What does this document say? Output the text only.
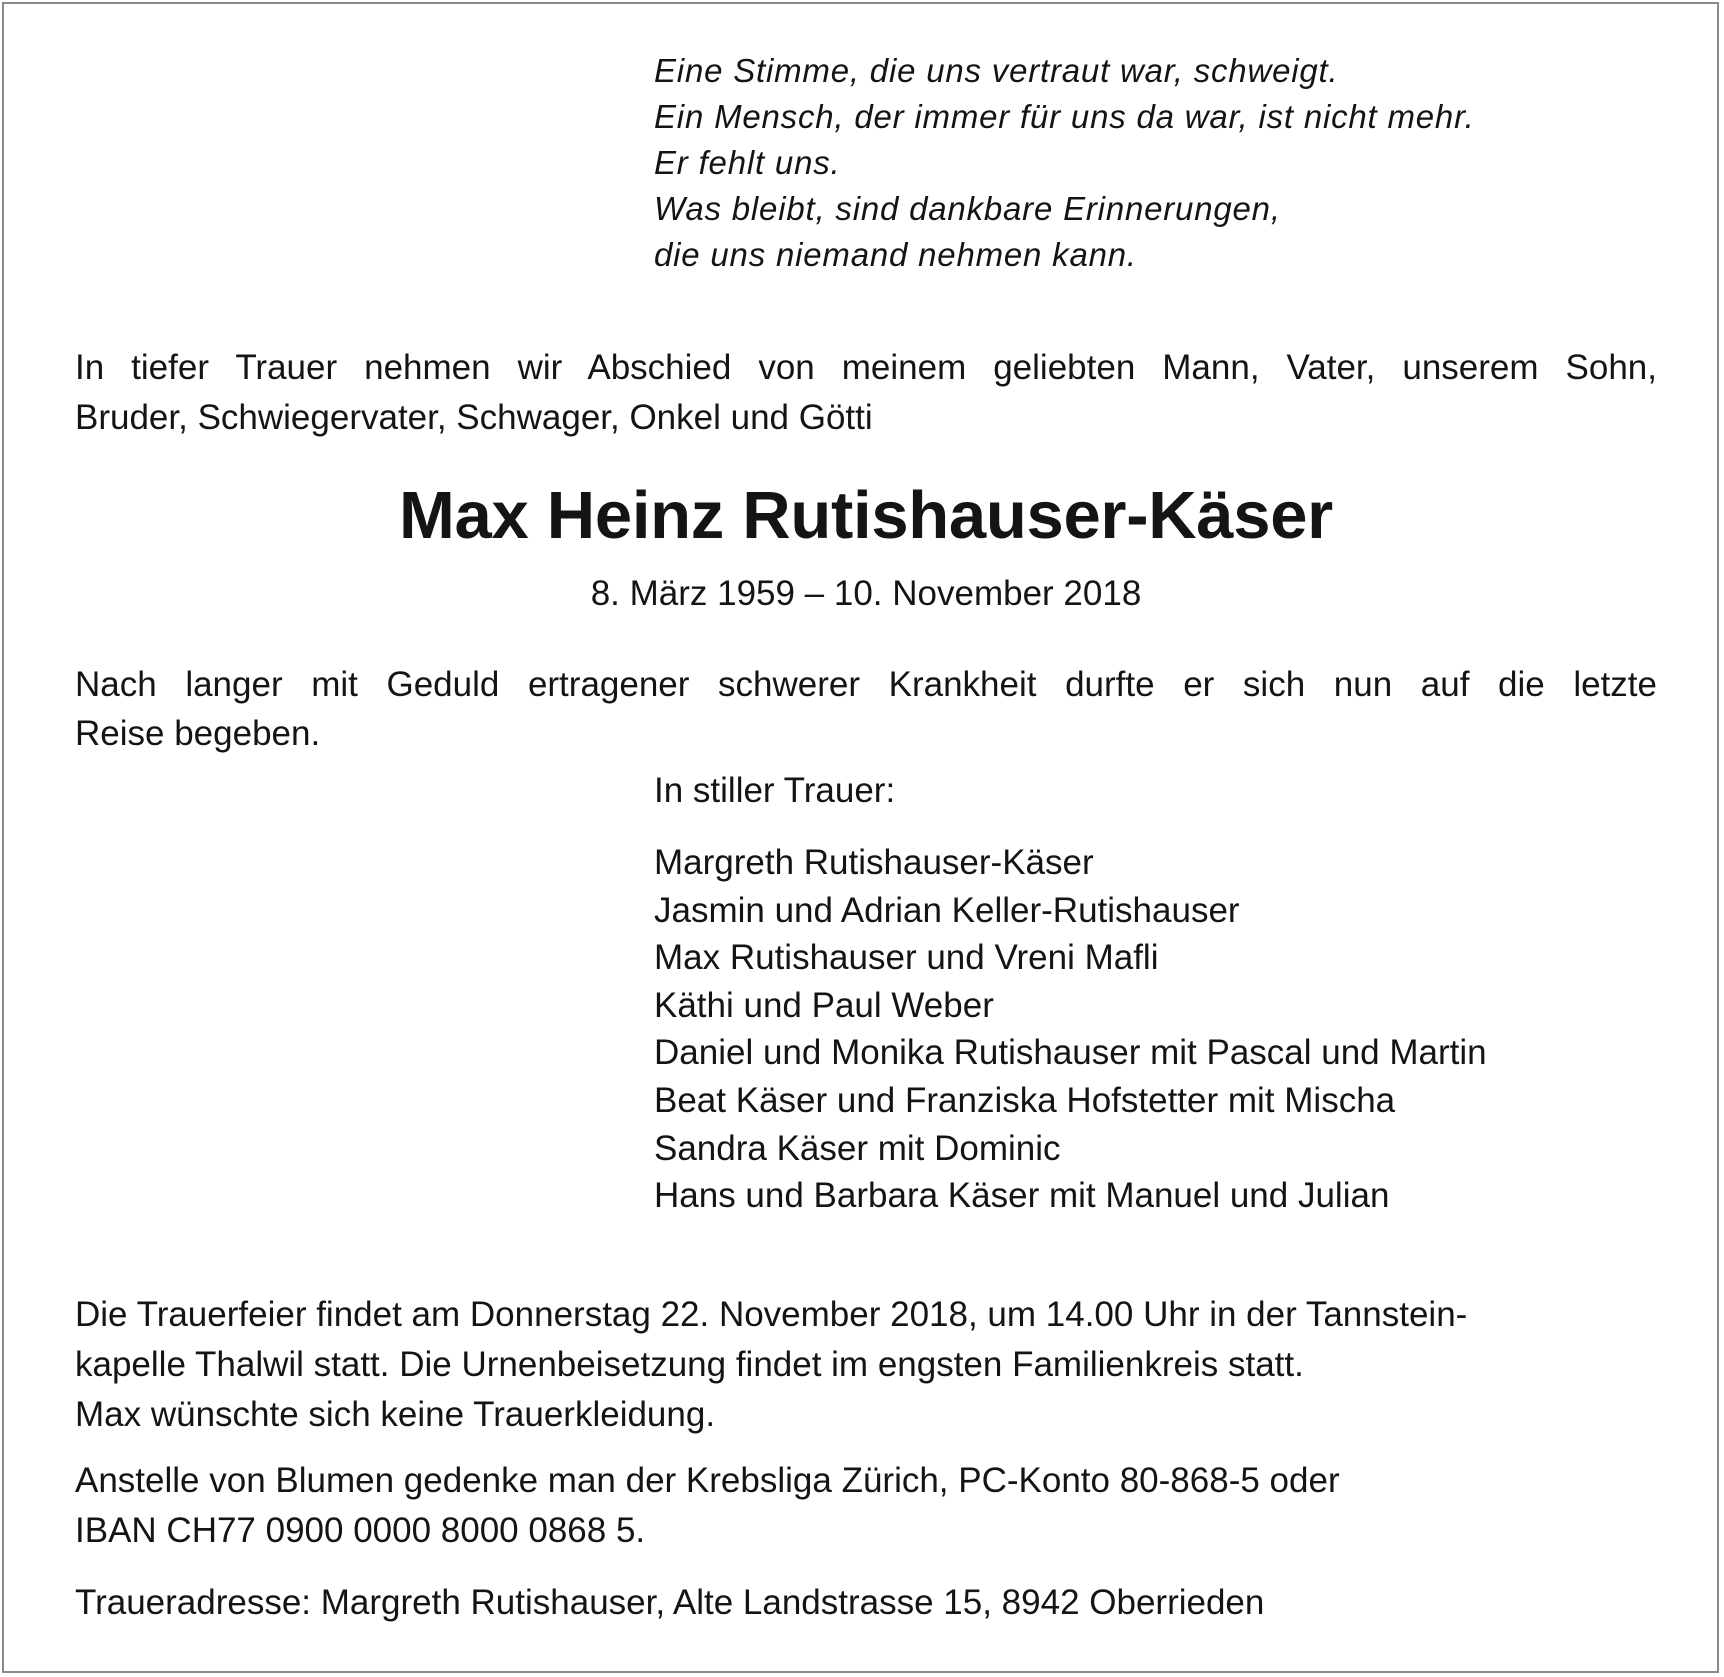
Eine Stimme, die uns vertraut war, schweigt.
Ein Mensch, der immer für uns da war, ist nicht mehr.
Er fehlt uns.
Was bleibt, sind dankbare Erinnerungen,
die uns niemand nehmen kann.
In tiefer Trauer nehmen wir Abschied von meinem geliebten Mann, Vater, unserem Sohn,
Bruder, Schwiegervater, Schwager, Onkel und Götti
Max Heinz Rutishauser-Käser
8. März 1959 – 10. November 2018
Nach langer mit Geduld ertragener schwerer Krankheit durfte er sich nun auf die letzte
Reise begeben.
In stiller Trauer:
Margreth Rutishauser-Käser
Jasmin und Adrian Keller-Rutishauser
Max Rutishauser und Vreni Mafli
Käthi und Paul Weber
Daniel und Monika Rutishauser mit Pascal und Martin
Beat Käser und Franziska Hofstetter mit Mischa
Sandra Käser mit Dominic
Hans und Barbara Käser mit Manuel und Julian
Die Trauerfeier findet am Donnerstag 22. November 2018, um 14.00 Uhr in der Tannstein-
kapelle Thalwil statt. Die Urnenbeisetzung findet im engsten Familienkreis statt.
Max wünschte sich keine Trauerkleidung.
Anstelle von Blumen gedenke man der Krebsliga Zürich, PC-Konto 80-868-5 oder
IBAN CH77 0900 0000 8000 0868 5.
Traueradresse: Margreth Rutishauser, Alte Landstrasse 15, 8942 Oberrieden
